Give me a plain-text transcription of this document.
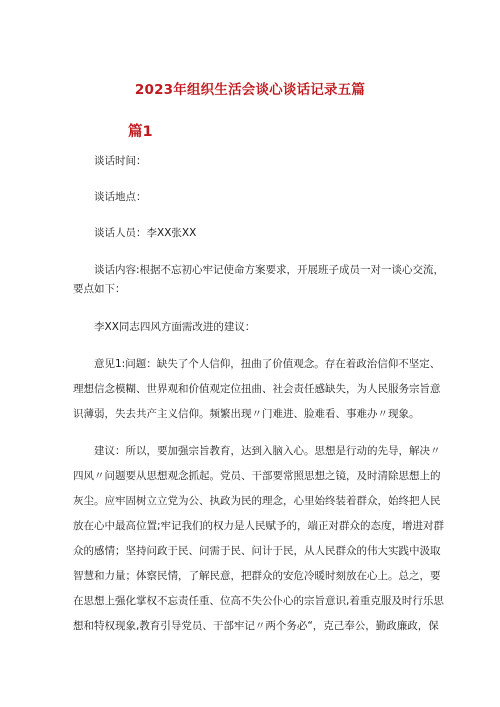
2023年组织生活会谈心谈话记录五篇
篇1
谈话时间：
谈话地点：
谈话人员：李XX张XX
谈话内容:根据不忘初心牢记使命方案要求，开展班子成员一对一谈心交流，
要点如下：
李XX同志四风方面需改进的建议：
意见1:问题：缺失了个人信仰，扭曲了价值观念。存在着政治信仰不坚定、
理想信念模糊、世界观和价值观定位扭曲、社会责任感缺失，为人民服务宗旨意
识薄弱，失去共产主义信仰。频繁出现〃门难进、脸难看、事难办〃现象。
建议：所以，要加强宗旨教育，达到入脑入心。思想是行动的先导，解决〃
四风〃问题要从思想观念抓起。党员、干部要常照思想之镜，及时清除思想上的
灰尘。应牢固树立立党为公、执政为民的理念，心里始终装着群众，始终把人民
放在心中最高位置;牢记我们的权力是人民赋予的，端正对群众的态度，增进对群
众的感情；坚持问政于民、问需于民、问计于民，从人民群众的伟大实践中汲取
智慧和力量；体察民情，了解民意，把群众的安危冷暖时刻放在心上。总之，要
在思想上强化掌权不忘责任重、位高不失公仆心的宗旨意识,着重克服及时行乐思
想和特权现象,教育引导党员、干部牢记〃两个务必“，克己奉公，勤政廉政，保
